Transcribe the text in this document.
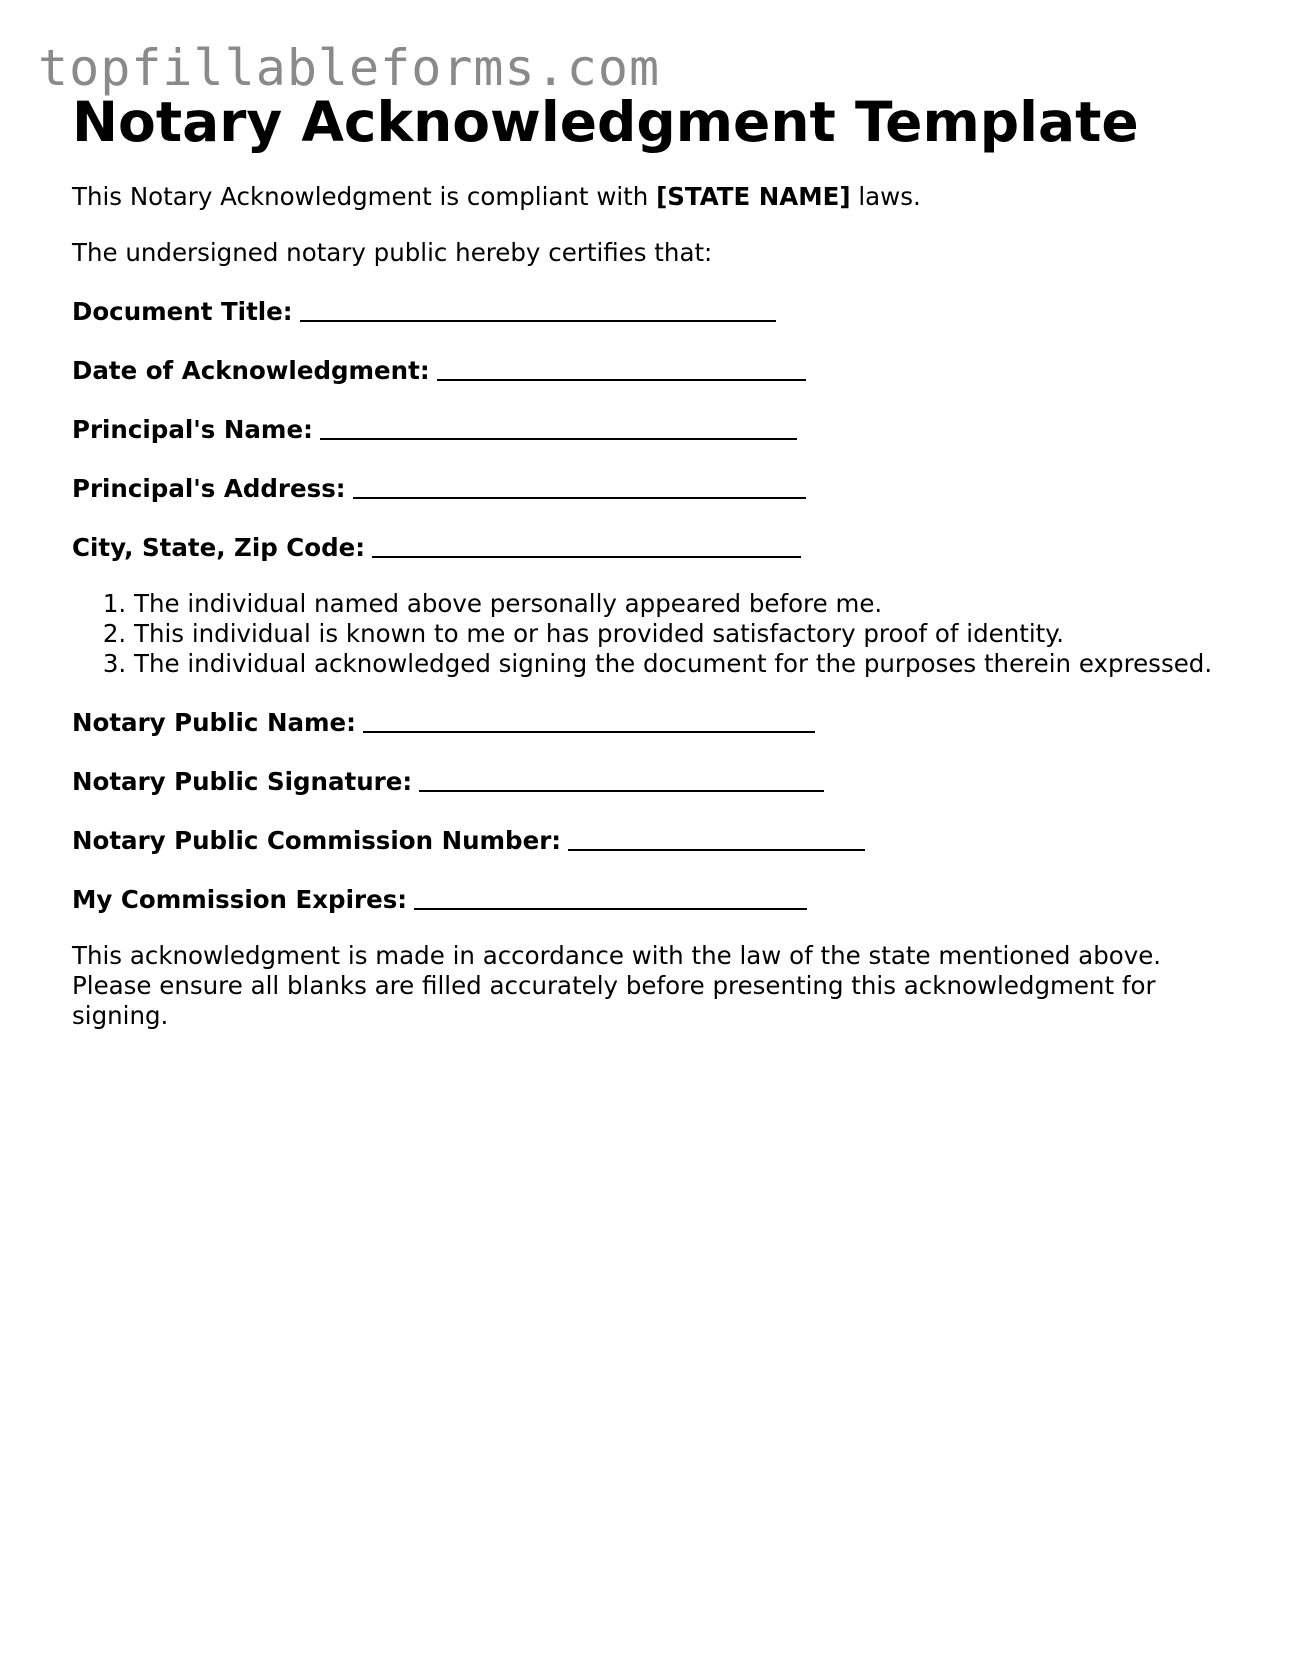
topfillableforms.com
Notary Acknowledgment Template

This Notary Acknowledgment is compliant with [STATE NAME] laws.

The undersigned notary public hereby certifies that:

Document Title:

Date of Acknowledgment:

Principal's Name:

Principal's Address:

City, State, Zip Code:

1. The individual named above personally appeared before me.
2. This individual is known to me or has provided satisfactory proof of identity.
3. The individual acknowledged signing the document for the purposes therein expressed.

Notary Public Name:

Notary Public Signature:

Notary Public Commission Number:

My Commission Expires:

This acknowledgment is made in accordance with the law of the state mentioned above.
Please ensure all blanks are filled accurately before presenting this acknowledgment for signing.
